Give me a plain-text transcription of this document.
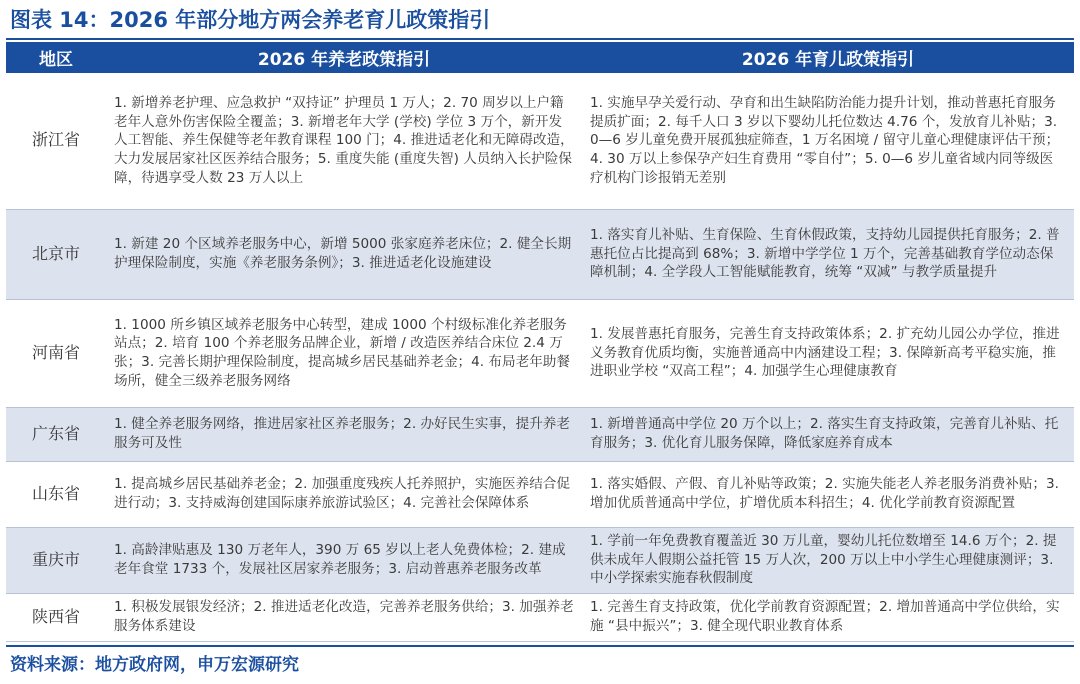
图表 14：2026 年部分地方两会养老育儿政策指引
地区	2026 年养老政策指引	2026 年育儿政策指引
浙江省	1. 新增养老护理、应急救护 “双持证” 护理员 1 万人；2. 70 周岁以上户籍老年人意外伤害保险全覆盖；3. 新增老年大学 (学校) 学位 3 万个，新开发人工智能、养生保健等老年教育课程 100 门；4. 推进适老化和无障碍改造，大力发展居家社区医养结合服务；5. 重度失能 (重度失智) 人员纳入长护险保障，待遇享受人数 23 万人以上	1. 实施早孕关爱行动、孕育和出生缺陷防治能力提升计划，推动普惠托育服务提质扩面；2. 每千人口 3 岁以下婴幼儿托位数达 4.76 个，发放育儿补贴；3. 0—6 岁儿童免费开展孤独症筛查，1 万名困境 / 留守儿童心理健康评估干预；4. 30 万以上参保孕产妇生育费用 “零自付”；5. 0—6 岁儿童省域内同等级医疗机构门诊报销无差别
北京市	1. 新建 20 个区域养老服务中心，新增 5000 张家庭养老床位；2. 健全长期护理保险制度，实施《养老服务条例》；3. 推进适老化设施建设	1. 落实育儿补贴、生育保险、生育休假政策，支持幼儿园提供托育服务；2. 普惠托位占比提高到 68%；3. 新增中学学位 1 万个，完善基础教育学位动态保障机制；4. 全学段人工智能赋能教育，统筹 “双减” 与教学质量提升
河南省	1. 1000 所乡镇区域养老服务中心转型，建成 1000 个村级标准化养老服务站点；2. 培育 100 个养老服务品牌企业，新增 / 改造医养结合床位 2.4 万张；3. 完善长期护理保险制度，提高城乡居民基础养老金；4. 布局老年助餐场所，健全三级养老服务网络	1. 发展普惠托育服务，完善生育支持政策体系；2. 扩充幼儿园公办学位，推进义务教育优质均衡，实施普通高中内涵建设工程；3. 保障新高考平稳实施，推进职业学校 “双高工程”；4. 加强学生心理健康教育
广东省	1. 健全养老服务网络，推进居家社区养老服务；2. 办好民生实事，提升养老服务可及性	1. 新增普通高中学位 20 万个以上；2. 落实生育支持政策，完善育儿补贴、托育服务；3. 优化育儿服务保障，降低家庭养育成本
山东省	1. 提高城乡居民基础养老金；2. 加强重度残疾人托养照护，实施医养结合促进行动；3. 支持威海创建国际康养旅游试验区；4. 完善社会保障体系	1. 落实婚假、产假、育儿补贴等政策；2. 实施失能老人养老服务消费补贴；3. 增加优质普通高中学位，扩增优质本科招生；4. 优化学前教育资源配置
重庆市	1. 高龄津贴惠及 130 万老年人，390 万 65 岁以上老人免费体检；2. 建成老年食堂 1733 个，发展社区居家养老服务；3. 启动普惠养老服务改革	1. 学前一年免费教育覆盖近 30 万儿童，婴幼儿托位数增至 14.6 万个；2. 提供未成年人假期公益托管 15 万人次，200 万以上中小学生心理健康测评；3. 中小学探索实施春秋假制度
陕西省	1. 积极发展银发经济；2. 推进适老化改造，完善养老服务供给；3. 加强养老服务体系建设	1. 完善生育支持政策，优化学前教育资源配置；2. 增加普通高中学位供给，实施 “县中振兴”；3. 健全现代职业教育体系
资料来源：地方政府网，申万宏源研究
